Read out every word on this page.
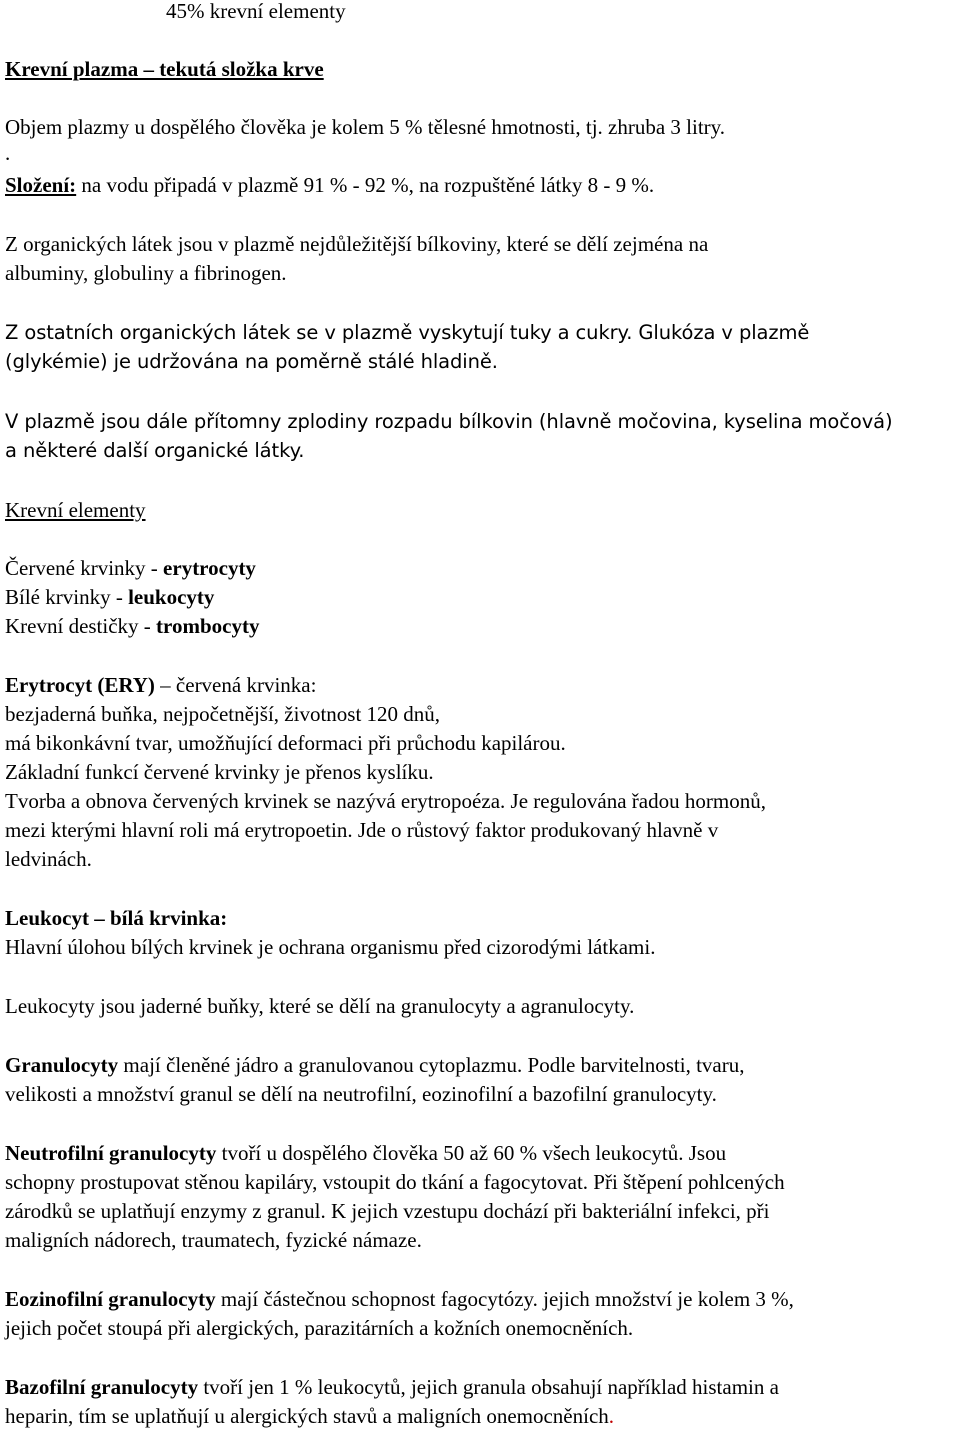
45% krevní elementy
Krevní plazma – tekutá složka krve
Objem plazmy u dospělého člověka je kolem 5 % tělesné hmotnosti, tj. zhruba 3 litry.
.
Složení: na vodu připadá v plazmě 91 % - 92 %, na rozpuštěné látky 8 - 9 %.
Z organických látek jsou v plazmě nejdůležitější bílkoviny, které se dělí zejména na
albuminy, globuliny a fibrinogen.
Z ostatních organických látek se v plazmě vyskytují tuky a cukry. Glukóza v plazmě
(glykémie) je udržována na poměrně stálé hladině.
V plazmě jsou dále přítomny zplodiny rozpadu bílkovin (hlavně močovina, kyselina močová)
a některé další organické látky.
Krevní elementy
Červené krvinky - erytrocyty
Bílé krvinky - leukocyty
Krevní destičky - trombocyty
Erytrocyt (ERY) – červená krvinka:
bezjaderná buňka, nejpočetnější, životnost 120 dnů,
má bikonkávní tvar, umožňující deformaci při průchodu kapilárou.
Základní funkcí červené krvinky je přenos kyslíku.
Tvorba a obnova červených krvinek se nazývá erytropoéza. Je regulována řadou hormonů,
mezi kterými hlavní roli má erytropoetin. Jde o růstový faktor produkovaný hlavně v
ledvinách.
Leukocyt – bílá krvinka:
Hlavní úlohou bílých krvinek je ochrana organismu před cizorodými látkami.
Leukocyty jsou jaderné buňky, které se dělí na granulocyty a agranulocyty.
Granulocyty mají členěné jádro a granulovanou cytoplazmu. Podle barvitelnosti, tvaru,
velikosti a množství granul se dělí na neutrofilní, eozinofilní a bazofilní granulocyty.
Neutrofilní granulocyty tvoří u dospělého člověka 50 až 60 % všech leukocytů. Jsou
schopny prostupovat stěnou kapiláry, vstoupit do tkání a fagocytovat. Při štěpení pohlcených
zárodků se uplatňují enzymy z granul. K jejich vzestupu dochází při bakteriální infekci, při
maligních nádorech, traumatech, fyzické námaze.
Eozinofilní granulocyty mají částečnou schopnost fagocytózy. jejich množství je kolem 3 %,
jejich počet stoupá při alergických, parazitárních a kožních onemocněních.
Bazofilní granulocyty tvoří jen 1 % leukocytů, jejich granula obsahují například histamin a
heparin, tím se uplatňují u alergických stavů a maligních onemocněních.
